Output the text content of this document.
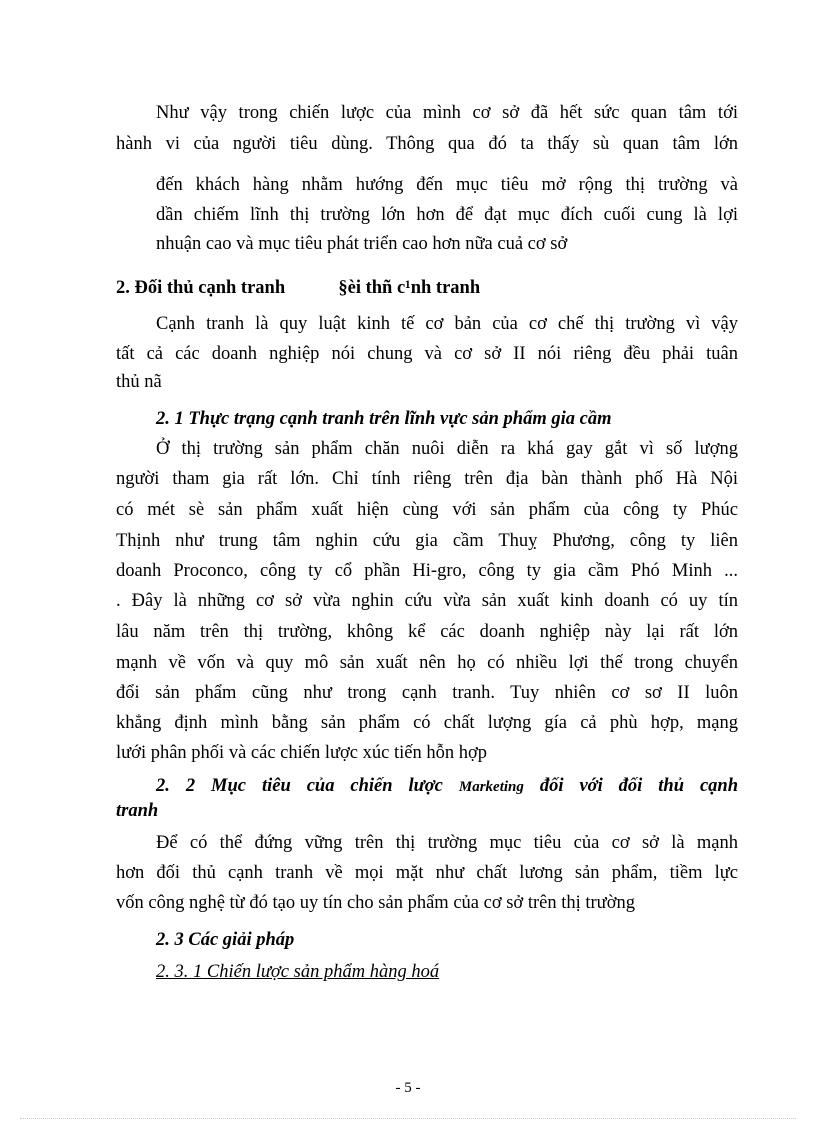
Như vậy trong chiến lược của mình cơ sở đã hết sức quan tâm tới
hành vi của người tiêu dùng. Thông qua đó ta thấy sù quan tâm lớn
đến khách hàng nhằm hướng đến mục tiêu mở rộng thị trường và
dần chiếm lĩnh thị trường lớn hơn để đạt mục đích cuối cung là lợi
nhuận cao và mục tiêu phát triển cao hơn nữa cuả cơ sở
2. Đối thủ cạnh tranh	§èi thñ c¹nh tranh
Cạnh tranh là quy luật kinh tế cơ bản của cơ chế thị trường vì vậy
tất cả các doanh nghiệp nói chung và cơ sở II nói riêng đều phải tuân
thủ nã
2. 1 Thực trạng cạnh tranh trên lĩnh vực sản phẩm gia cầm
Ở thị trường sản phẩm chăn nuôi diễn ra khá gay gắt vì số lượng
người tham gia rất lớn. Chỉ tính riêng trên địa bàn thành phố Hà Nội
có mét sè sản phẩm xuất hiện cùng với sản phẩm của công ty Phúc
Thịnh như trung tâm nghin cứu gia cầm Thuỵ Phương, công ty liên
doanh Proconco, công ty cổ phần Hi-gro, công ty gia cầm Phó Minh ...
. Đây là những cơ sở vừa nghin cứu vừa sản xuất kinh doanh có uy tín
lâu năm trên thị trường, không kể các doanh nghiệp này lại rất lớn
mạnh về vốn và quy mô sản xuất nên họ có nhiều lợi thế trong chuyển
đổi sản phẩm cũng như trong cạnh tranh. Tuy nhiên cơ sơ II luôn
khẳng định mình bằng sản phẩm có chất lượng gía cả phù hợp, mạng
lưới phân phối và các chiến lược xúc tiến hỗn hợp
2. 2 Mục tiêu của chiến lược Marketing đối với đối thủ cạnh
tranh
Để có thể đứng vững trên thị trường mục tiêu của cơ sở là mạnh
hơn đối thủ cạnh tranh về mọi mặt như chất lương sản phẩm, tiềm lực
vốn công nghệ từ đó tạo uy tín cho sản phẩm của cơ sở trên thị trường
2. 3 Các giải pháp
2. 3. 1 Chiến lược sản phẩm hàng hoá
- 5 -
